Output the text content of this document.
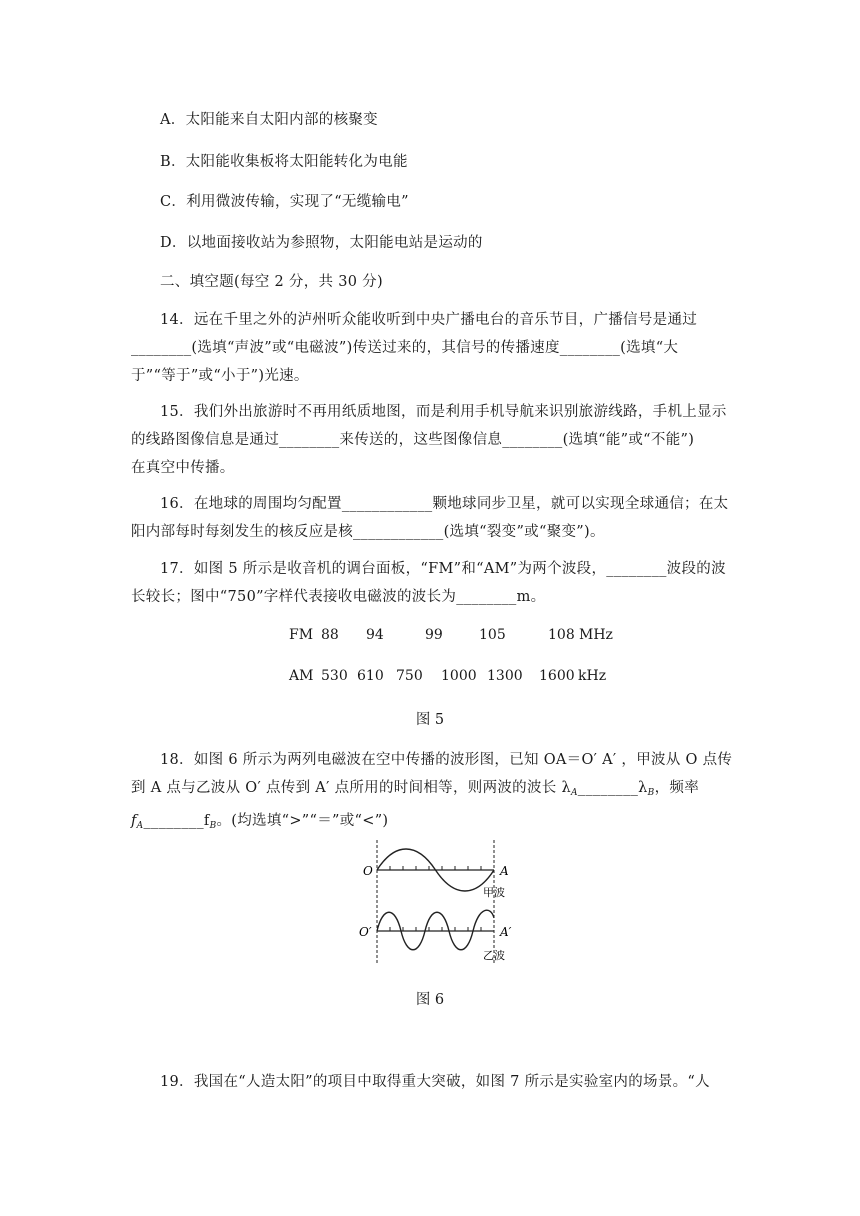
A．太阳能来自太阳内部的核聚变
B．太阳能收集板将太阳能转化为电能
C．利用微波传输，实现了“无缆输电”
D．以地面接收站为参照物，太阳能电站是运动的
二、填空题(每空 2 分，共 30 分)
14．远在千里之外的泸州听众能收听到中央广播电台的音乐节目，广播信号是通过
________(选填“声波”或“电磁波”)传送过来的，其信号的传播速度________(选填“大
于”“等于”或“小于”)光速。
15．我们外出旅游时不再用纸质地图，而是利用手机导航来识别旅游线路，手机上显示
的线路图像信息是通过________来传送的，这些图像信息________(选填“能”或“不能”)
在真空中传播。
16．在地球的周围均匀配置____________颗地球同步卫星，就可以实现全球通信；在太
阳内部每时每刻发生的核反应是核____________(选填“裂变”或“聚变”)。
17．如图 5 所示是收音机的调台面板，“FM”和“AM”为两个波段，________波段的波
长较长；图中“750”字样代表接收电磁波的波长为________m。
FM 88 94	99	105	108 MHz
AM 530 610 750 1000 1300 1600 kHz
图 5
18．如图 6 所示为两列电磁波在空中传播的波形图，已知 OA＝O′ A′ ，甲波从 O 点传
到 A 点与乙波从 O′ 点传到 A′ 点所用的时间相等，则两波的波长 $\lambda_A\_\_\_\_\_\_\_\_\lambda_B$，频率
$f_A\_\_\_\_\_\_\_\_f_B$。(均选填“>”“＝”或“<”)
O	A
甲波
O′	A′
乙波
图 6
19．我国在“人造太阳”的项目中取得重大突破，如图 7 所示是实验室内的场景。“人
